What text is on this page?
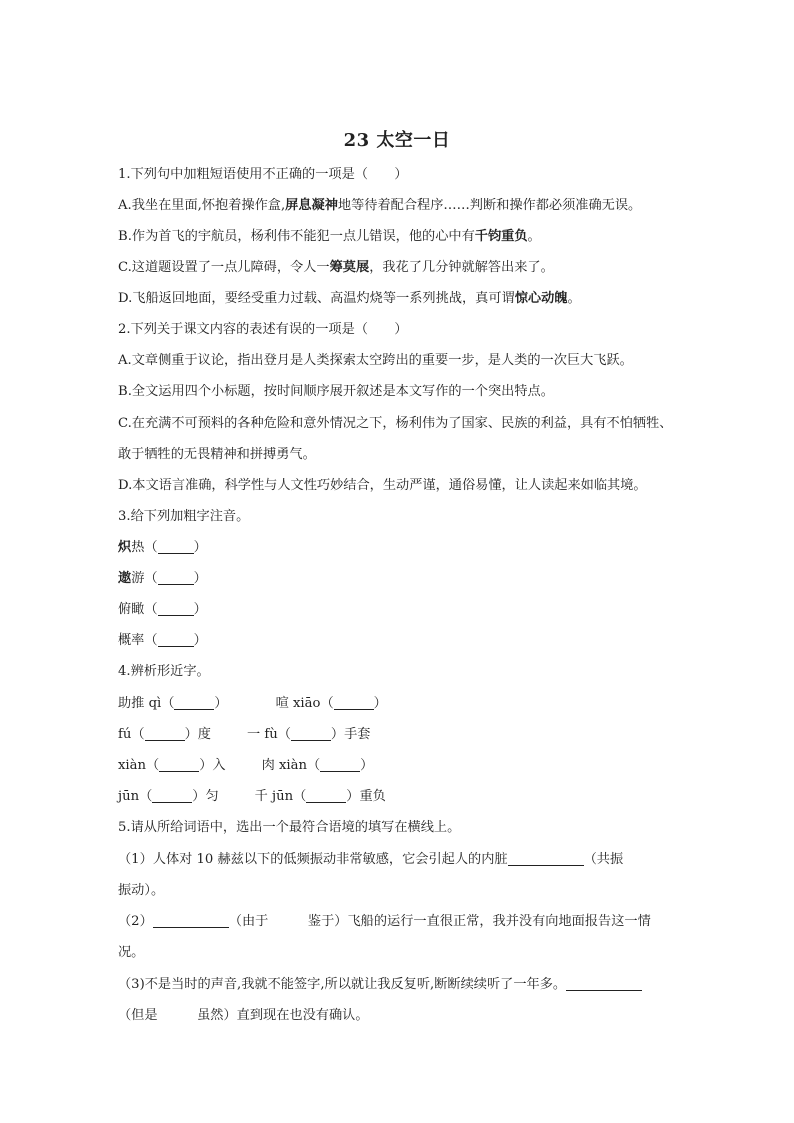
23 太空一日
1.下列句中加粗短语使用不正确的一项是（　　）
A.我坐在里面,怀抱着操作盒,屏息凝神地等待着配合程序……判断和操作都必须准确无误。
B.作为首飞的宇航员，杨利伟不能犯一点儿错误，他的心中有千钧重负。
C.这道题设置了一点儿障碍，令人一筹莫展，我花了几分钟就解答出来了。
D.飞船返回地面，要经受重力过载、高温灼烧等一系列挑战，真可谓惊心动魄。
2.下列关于课文内容的表述有误的一项是（　　）
A.文章侧重于议论，指出登月是人类探索太空跨出的重要一步，是人类的一次巨大飞跃。
B.全文运用四个小标题，按时间顺序展开叙述是本文写作的一个突出特点。
C.在充满不可预料的各种危险和意外情况之下，杨利伟为了国家、民族的利益，具有不怕牺牲、敢于牺牲的无畏精神和拼搏勇气。
D.本文语言准确，科学性与人文性巧妙结合，生动严谨，通俗易懂，让人读起来如临其境。
3.给下列加粗字注音。
炽热（	）
遨游（	）
俯瞰（	）
概率（	）
4.辨析形近字。
助推 qì（	）	喧 xiāo（	）
fú（	）度	一 fù（	）手套
xiàn（	）入	肉 xiàn（	）
jūn（	）匀	千 jūn（	）重负
5.请从所给词语中，选出一个最符合语境的填写在横线上。
（1）人体对 10 赫兹以下的低频振动非常敏感，它会引起人的内脏	（共振
振动）。
（2）	（由于　　　鉴于）飞船的运行一直很正常，我并没有向地面报告这一情
况。
（3)不是当时的声音,我就不能签字,所以就让我反复听,断断续续听了一年多。
（但是　　　虽然）直到现在也没有确认。
